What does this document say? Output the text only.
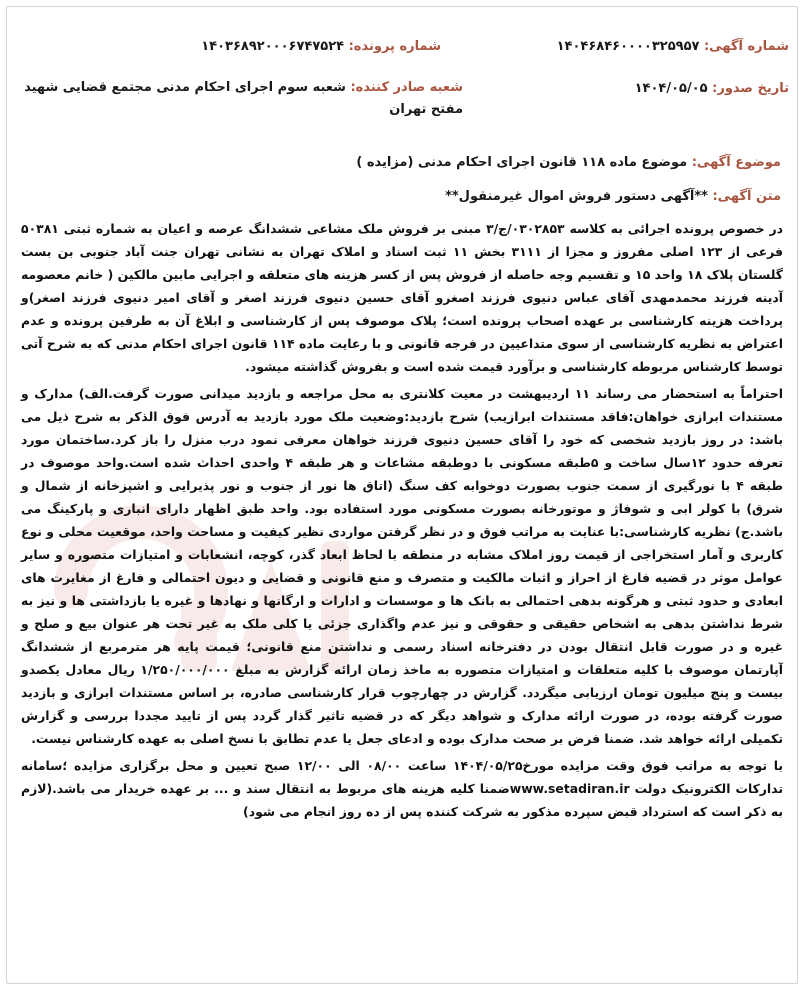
شماره آگهی: ۱۴۰۴۶۸۴۶۰۰۰۰۳۲۵۹۵۷
شماره پرونده: ۱۴۰۳۶۸۹۲۰۰۰۶۷۴۷۵۲۴
تاریخ صدور: ۱۴۰۴/۰۵/۰۵
شعبه صادر کننده: شعبه سوم اجرای احکام مدنی مجتمع قضایی شهید مفتح تهران
موضوع آگهی: موضوع ماده ۱۱۸ قانون اجرای احکام مدنی (مزایده )
متن آگهی: **آگهی دستور فروش اموال غیرمنقول**

در خصوص پرونده اجرائی به کلاسه ۰۳۰۲۸۵۳/ج/۳ مبنی بر فروش ملک مشاعی ششدانگ عرصه و اعیان به شماره ثبتی ۵۰۳۸۱ فرعی از ۱۲۳ اصلی مفروز و مجزا از ۳۱۱۱ بخش ۱۱ ثبت اسناد و املاک تهران به نشانی تهران جنت آباد جنوبی بن بست گلستان پلاک ۱۸ واحد ۱۵ و تقسیم وجه حاصله از فروش پس از کسر هزینه های متعلقه و اجرایی مابین مالکین ( خانم معصومه آدینه فرزند محمدمهدی آقای عباس دنیوی فرزند اصغرو آقای حسین دنیوی فرزند اصغر و آقای امیر دنیوی فرزند اصغر)و پرداخت هزینه کارشناسی بر عهده اصحاب پرونده است؛ پلاک موصوف پس از کارشناسی و ابلاغ آن به طرفین پرونده و عدم اعتراض به نظریه کارشناسی از سوی متداعیین در فرجه قانونی و با رعایت ماده ۱۱۴ قانون اجرای احکام مدنی که به شرح آتی توسط کارشناس مربوطه کارشناسی و برآورد قیمت شده است و بفروش گذاشته میشود.

احتراماً به استحضار می رساند ۱۱ اردیبهشت در معیت کلانتری به محل مراجعه و بازدید میدانی صورت گرفت.الف) مدارک و مستندات ابرازی خواهان:فاقد مستندات ابرازیب) شرح بازدید:وضعیت ملک مورد بازدید به آدرس فوق الذکر به شرح ذیل می باشد: در روز بازدید شخصی که خود را آقای حسین دنیوی فرزند خواهان معرفی نمود درب منزل را باز کرد.ساختمان مورد تعرفه حدود ۱۲سال ساخت و ۵طبقه مسکونی با دوطبقه مشاعات و هر طبقه ۴ واحدی احداث شده است.واحد موصوف در طبقه ۴ با نورگیری از سمت جنوب بصورت دوخوابه کف سنگ (اتاق ها نور از جنوب و نور پذیرایی و اشپزخانه از شمال و شرق) با کولر ابی و شوفاژ و موتورخانه بصورت مسکونی مورد استفاده بود. واحد طبق اظهار دارای انباری و پارکینگ می باشد.ج) نظریه کارشناسی:با عنایت به مراتب فوق و در نظر گرفتن مواردی نظیر کیفیت و مساحت واحد، موقعیت محلی و نوع کاربری و آمار استخراجی از قیمت روز املاک مشابه در منطقه با لحاظ ابعاد گذر، کوچه، انشعابات و امتیازات متصوره و سایر عوامل موثر در قضیه فارغ از احراز و اثبات مالکیت و متصرف و منع قانونی و قضایی و دیون احتمالی و فارغ از مغایرت های ابعادی و حدود ثبتی و هرگونه بدهی احتمالی به بانک ها و موسسات و ادارات و ارگانها و نهادها و غیره یا بازداشتی ها و نیز به شرط نداشتن بدهی به اشخاص حقیقی و حقوقی و نیز عدم واگذاری جزئی یا کلی ملک به غیر تحت هر عنوان بیع و صلح و غیره و در صورت قابل انتقال بودن در دفترخانه اسناد رسمی و نداشتن منع قانونی؛ قیمت پایه هر مترمربع از ششدانگ آپارتمان موصوف با کلیه متعلقات و امتیازات متصوره به ماخذ زمان ارائه گزارش به مبلغ ۱/۲۵۰/۰۰۰/۰۰۰ ریال معادل یکصدو بیست و پنج میلیون تومان ارزیابی میگردد. گزارش در چهارچوب قرار کارشناسی صادره، بر اساس مستندات ابرازی و بازدید صورت گرفته بوده، در صورت ارائه مدارک و شواهد دیگر که در قضیه تاثیر گذار گردد پس از تایید مجددا بررسی و گزارش تکمیلی ارائه خواهد شد. ضمنا فرض بر صحت مدارک بوده و ادعای جعل یا عدم تطابق با نسخ اصلی به عهده کارشناس نیست.

با توجه به مراتب فوق وقت مزایده مورخ۱۴۰۴/۰۵/۲۵ ساعت ۰۸/۰۰ الی ۱۲/۰۰ صبح تعیین و محل برگزاری مزایده ؛سامانه تدارکات الکترونیک دولت www.setadiran.irضمنا کلیه هزینه های مربوط به انتقال سند و ... بر عهده خریدار می باشد.(لازم به ذکر است که استرداد قبض سپرده مذکور به شرکت کننده پس از ده روز انجام می شود)
